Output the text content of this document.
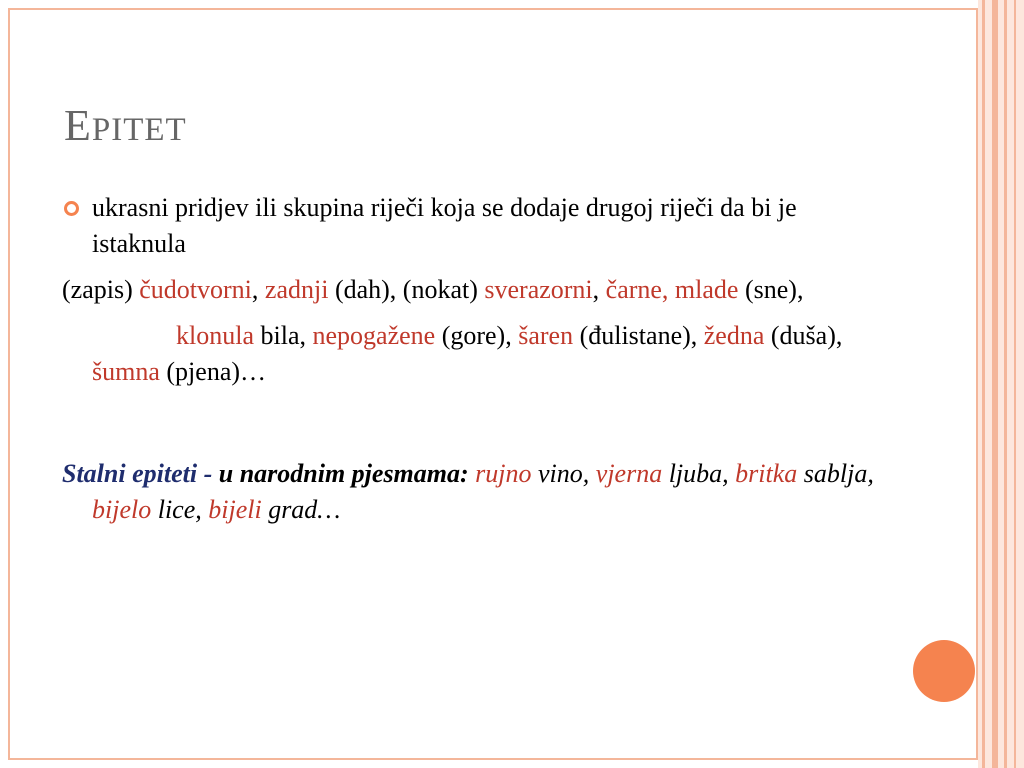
EPITET
ukrasni pridjev ili skupina riječi koja se dodaje drugoj riječi da bi je istaknula
(zapis) čudotvorni, zadnji (dah), (nokat) sverazorni, čarne, mlade (sne),
klonula bila, nepogažene (gore), šaren (đulistane), žedna (duša), šumna (pjena)…
Stalni epiteti - u narodnim pjesmama: rujno vino, vjerna ljuba, britka sablja, bijelo lice, bijeli grad…
